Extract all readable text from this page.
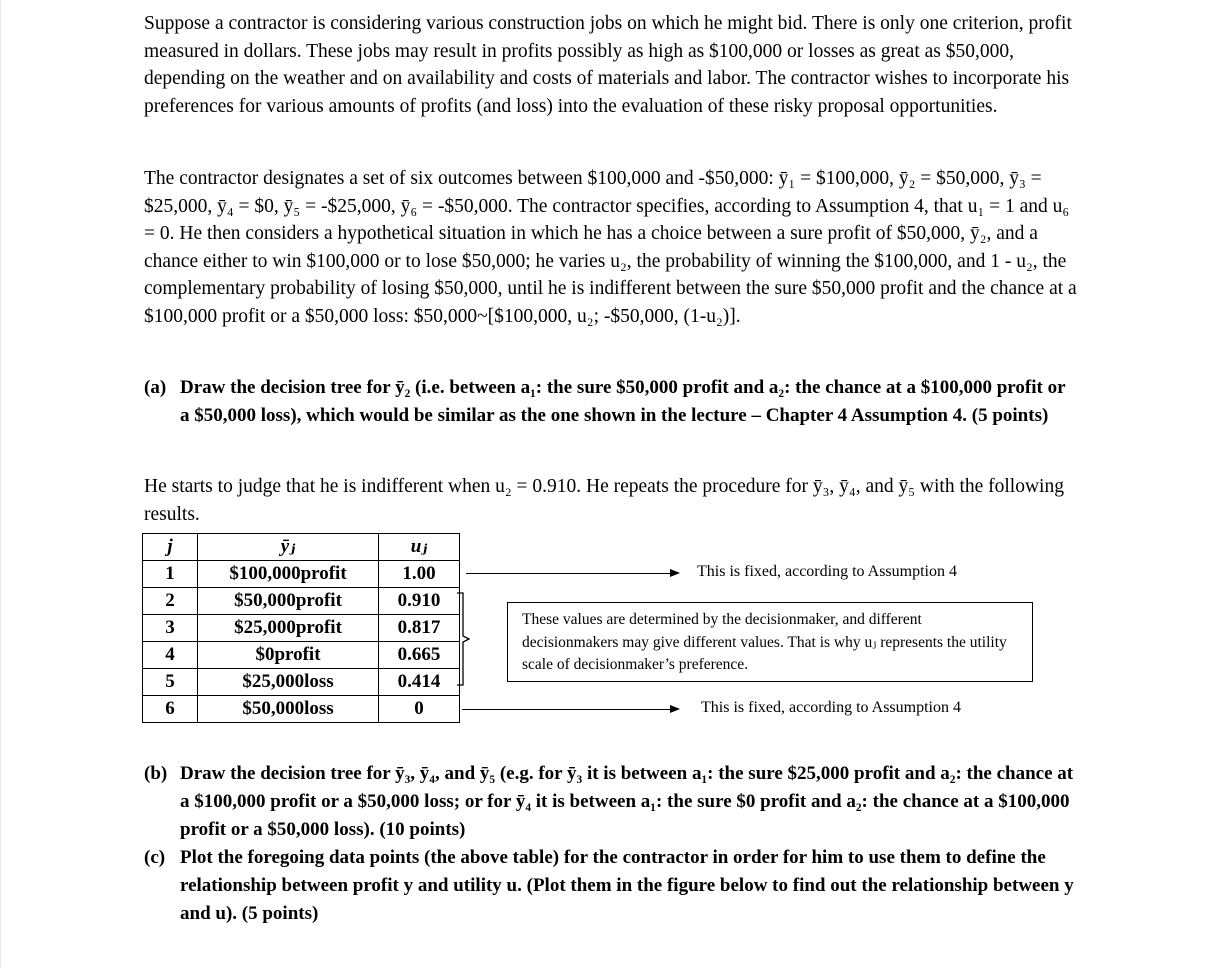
Suppose a contractor is considering various construction jobs on which he might bid. There is only one criterion, profit measured in dollars. These jobs may result in profits possibly as high as $100,000 or losses as great as $50,000, depending on the weather and on availability and costs of materials and labor. The contractor wishes to incorporate his preferences for various amounts of profits (and loss) into the evaluation of these risky proposal opportunities.

The contractor designates a set of six outcomes between $100,000 and -$50,000: ȳ₁ = $100,000, ȳ₂ = $50,000, ȳ₃ = $25,000, ȳ₄ = $0, ȳ₅ = -$25,000, ȳ₆ = -$50,000. The contractor specifies, according to Assumption 4, that u₁ = 1 and u₆ = 0. He then considers a hypothetical situation in which he has a choice between a sure profit of $50,000, ȳ₂, and a chance either to win $100,000 or to lose $50,000; he varies u₂, the probability of winning the $100,000, and 1 - u₂, the complementary probability of losing $50,000, until he is indifferent between the sure $50,000 profit and the chance at a $100,000 profit or a $50,000 loss: $50,000~[$100,000, u₂; -$50,000, (1-u₂)].

(a) Draw the decision tree for ȳ₂ (i.e. between a₁: the sure $50,000 profit and a₂: the chance at a $100,000 profit or a $50,000 loss), which would be similar as the one shown in the lecture – Chapter 4 Assumption 4. (5 points)

He starts to judge that he is indifferent when u₂ = 0.910. He repeats the procedure for ȳ₃, ȳ₄, and ȳ₅ with the following results.

j	ȳⱼ	uⱼ
1	$100,000profit	1.00
2	$50,000profit	0.910
3	$25,000profit	0.817
4	$0profit	0.665
5	$25,000loss	0.414
6	$50,000loss	0
This is fixed, according to Assumption 4
These values are determined by the decisionmaker, and different decisionmakers may give different values. That is why uⱼ represents the utility scale of decisionmaker’s preference.
This is fixed, according to Assumption 4
(b) Draw the decision tree for ȳ₃, ȳ₄, and ȳ₅ (e.g. for ȳ₃ it is between a₁: the sure $25,000 profit and a₂: the chance at a $100,000 profit or a $50,000 loss; or for ȳ₄ it is between a₁: the sure $0 profit and a₂: the chance at a $100,000 profit or a $50,000 loss). (10 points)
(c) Plot the foregoing data points (the above table) for the contractor in order for him to use them to define the relationship between profit y and utility u. (Plot them in the figure below to find out the relationship between y and u). (5 points)
